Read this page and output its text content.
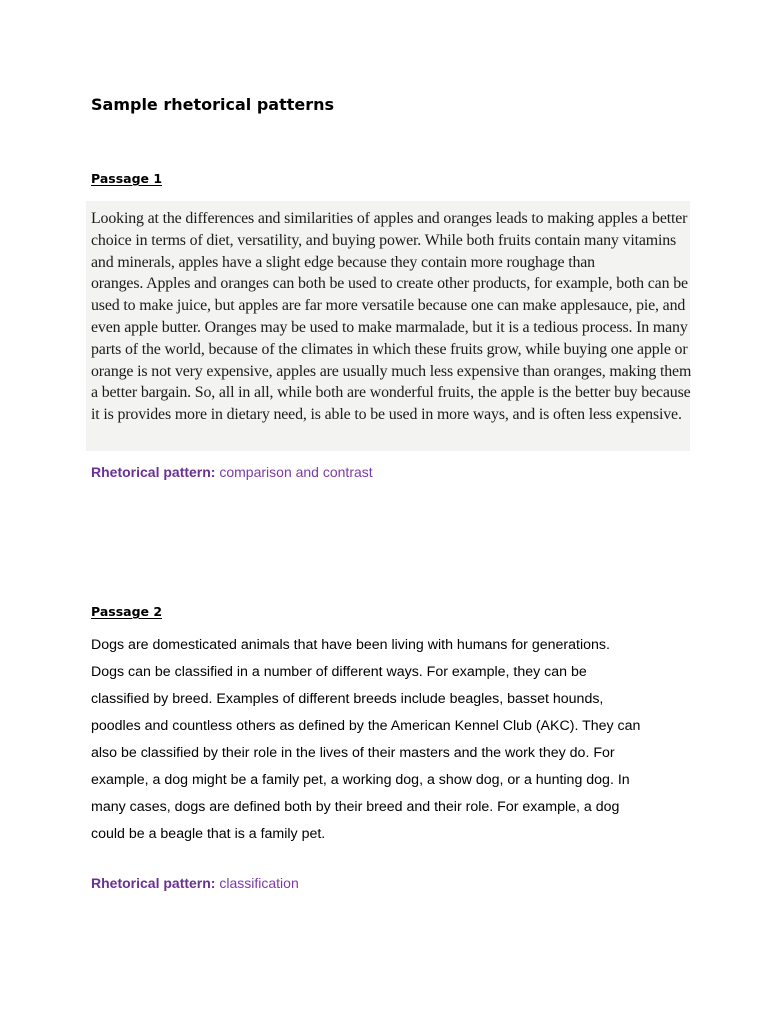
Sample rhetorical patterns
Passage 1
Looking at the differences and similarities of apples and oranges leads to making apples a better
choice in terms of diet, versatility, and buying power. While both fruits contain many vitamins
and minerals, apples have a slight edge because they contain more roughage than
oranges. Apples and oranges can both be used to create other products, for example, both can be
used to make juice, but apples are far more versatile because one can make applesauce, pie, and
even apple butter. Oranges may be used to make marmalade, but it is a tedious process. In many
parts of the world, because of the climates in which these fruits grow, while buying one apple or
orange is not very expensive, apples are usually much less expensive than oranges, making them
a better bargain. So, all in all, while both are wonderful fruits, the apple is the better buy because
it is provides more in dietary need, is able to be used in more ways, and is often less expensive.

Rhetorical pattern: comparison and contrast

Passage 2
Dogs are domesticated animals that have been living with humans for generations.
Dogs can be classified in a number of different ways. For example, they can be
classified by breed. Examples of different breeds include beagles, basset hounds,
poodles and countless others as defined by the American Kennel Club (AKC). They can
also be classified by their role in the lives of their masters and the work they do. For
example, a dog might be a family pet, a working dog, a show dog, or a hunting dog. In
many cases, dogs are defined both by their breed and their role. For example, a dog
could be a beagle that is a family pet.

Rhetorical pattern: classification
